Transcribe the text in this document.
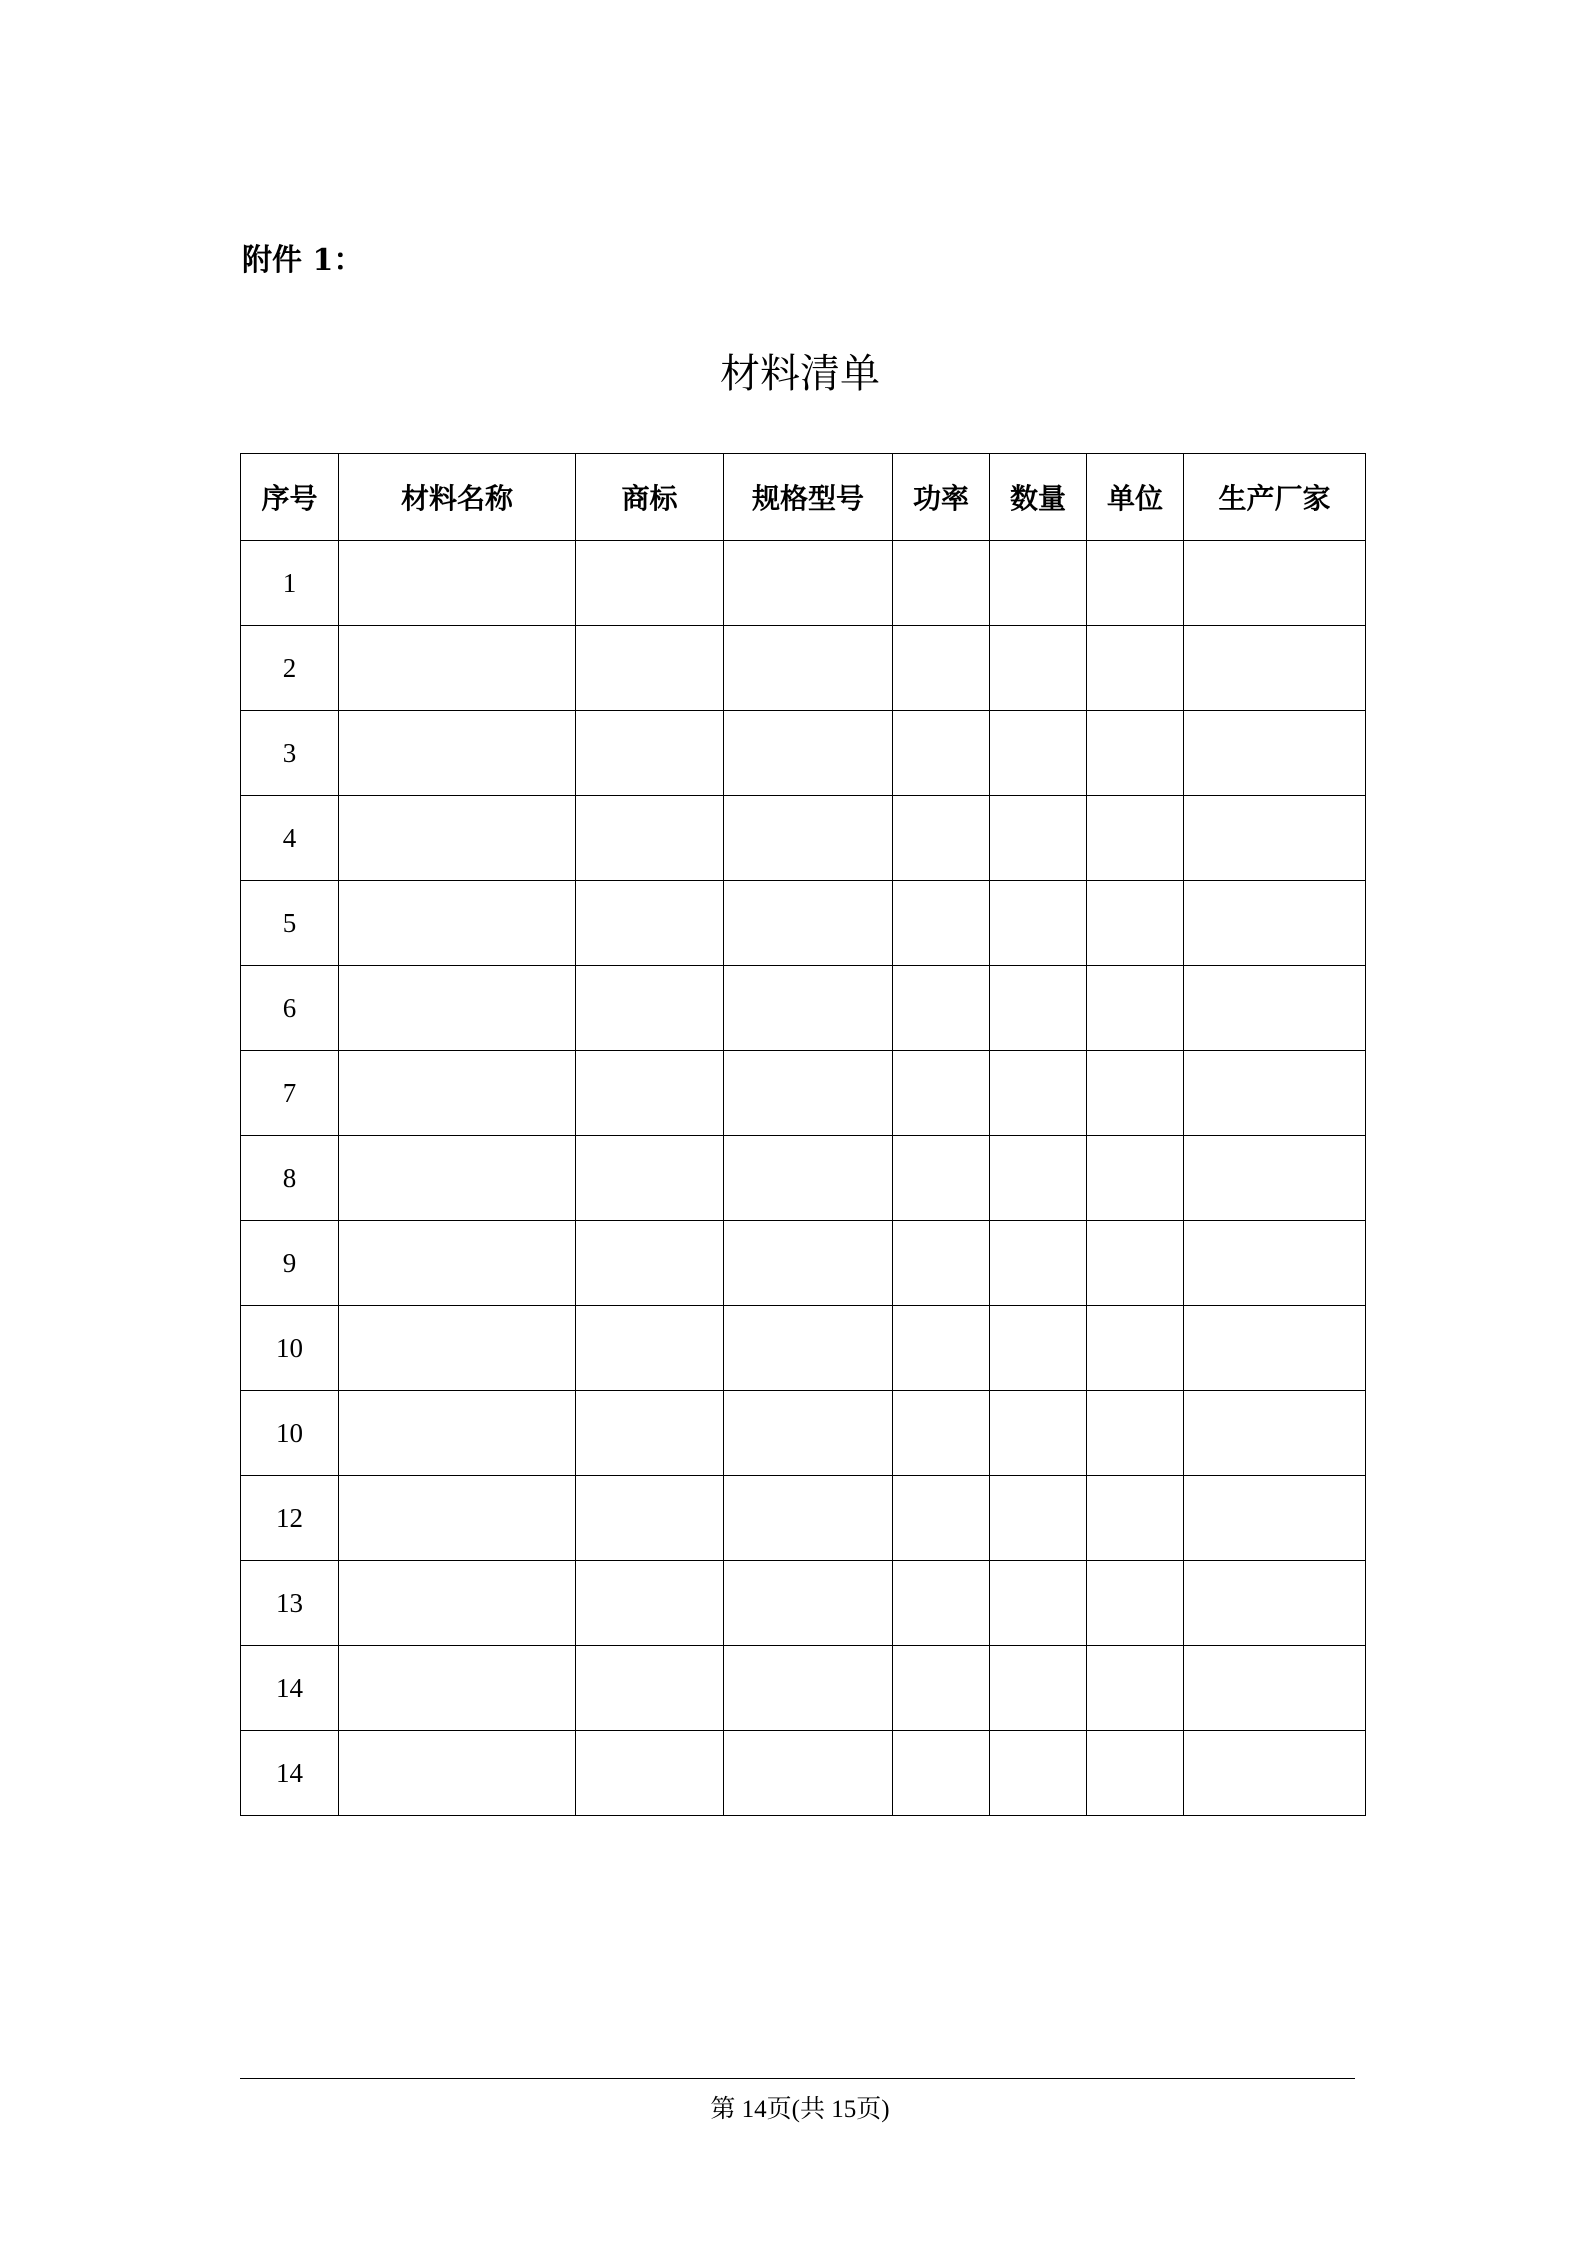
附件 1：
材料清单
序号	材料名称	商标	规格型号	功率	数量	单位	生产厂家
1							
2							
3							
4							
5							
6							
7							
8							
9							
10							
10							
12							
13							
14							
14							
第 14页(共 15页)
